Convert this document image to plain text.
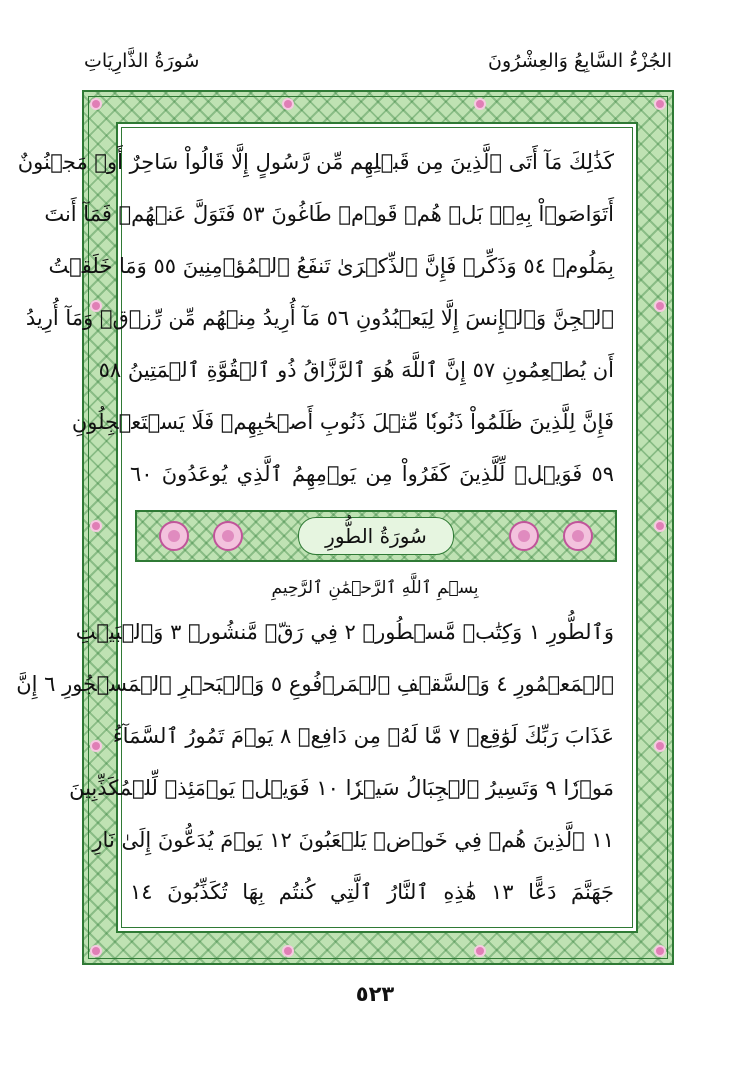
الجُزْءُ السَّابِعُ وَالعِشْرُونَ
سُورَةُ الذَّارِيَاتِ
كَذَٰلِكَ مَآ أَتَى ٱلَّذِينَ مِن قَبۡلِهِم مِّن رَّسُولٍ إِلَّا قَالُواْ سَاحِرٌ أَوۡ مَجۡنُونٌ
أَتَوَاصَوۡاْ بِهِۦۚ بَلۡ هُمۡ قَوۡمٞ طَاغُونَ ٥٣ فَتَوَلَّ عَنۡهُمۡ فَمَآ أَنتَ
بِمَلُومٖ ٥٤ وَذَكِّرۡ فَإِنَّ ٱلذِّكۡرَىٰ تَنفَعُ ٱلۡمُؤۡمِنِينَ ٥٥ وَمَا خَلَقۡتُ
ٱلۡجِنَّ وَٱلۡإِنسَ إِلَّا لِيَعۡبُدُونِ ٥٦ مَآ أُرِيدُ مِنۡهُم مِّن رِّزۡقٖ وَمَآ أُرِيدُ
أَن يُطۡعِمُونِ ٥٧ إِنَّ ٱللَّهَ هُوَ ٱلرَّزَّاقُ ذُو ٱلۡقُوَّةِ ٱلۡمَتِينُ ٥٨
فَإِنَّ لِلَّذِينَ ظَلَمُواْ ذَنُوبٗا مِّثۡلَ ذَنُوبِ أَصۡحَٰبِهِمۡ فَلَا يَسۡتَعۡجِلُونِ
٥٩ فَوَيۡلٞ لِّلَّذِينَ كَفَرُواْ مِن يَوۡمِهِمُ ٱلَّذِي يُوعَدُونَ ٦٠
سُورَةُ الطُّورِ
بِسۡمِ ٱللَّهِ ٱلرَّحۡمَٰنِ ٱلرَّحِيمِ
وَٱلطُّورِ ١ وَكِتَٰبٖ مَّسۡطُورٖ ٢ فِي رَقّٖ مَّنشُورٖ ٣ وَٱلۡبَيۡتِ
ٱلۡمَعۡمُورِ ٤ وَٱلسَّقۡفِ ٱلۡمَرۡفُوعِ ٥ وَٱلۡبَحۡرِ ٱلۡمَسۡجُورِ ٦ إِنَّ
عَذَابَ رَبِّكَ لَوَٰقِعٞ ٧ مَّا لَهُۥ مِن دَافِعٖ ٨ يَوۡمَ تَمُورُ ٱلسَّمَآءُ
مَوۡرٗا ٩ وَتَسِيرُ ٱلۡجِبَالُ سَيۡرٗا ١٠ فَوَيۡلٞ يَوۡمَئِذٖ لِّلۡمُكَذِّبِينَ
١١ ٱلَّذِينَ هُمۡ فِي خَوۡضٖ يَلۡعَبُونَ ١٢ يَوۡمَ يُدَعُّونَ إِلَىٰ نَارِ
جَهَنَّمَ دَعًّا ١٣ هَٰذِهِ ٱلنَّارُ ٱلَّتِي كُنتُم بِهَا تُكَذِّبُونَ ١٤
٥٢٣
